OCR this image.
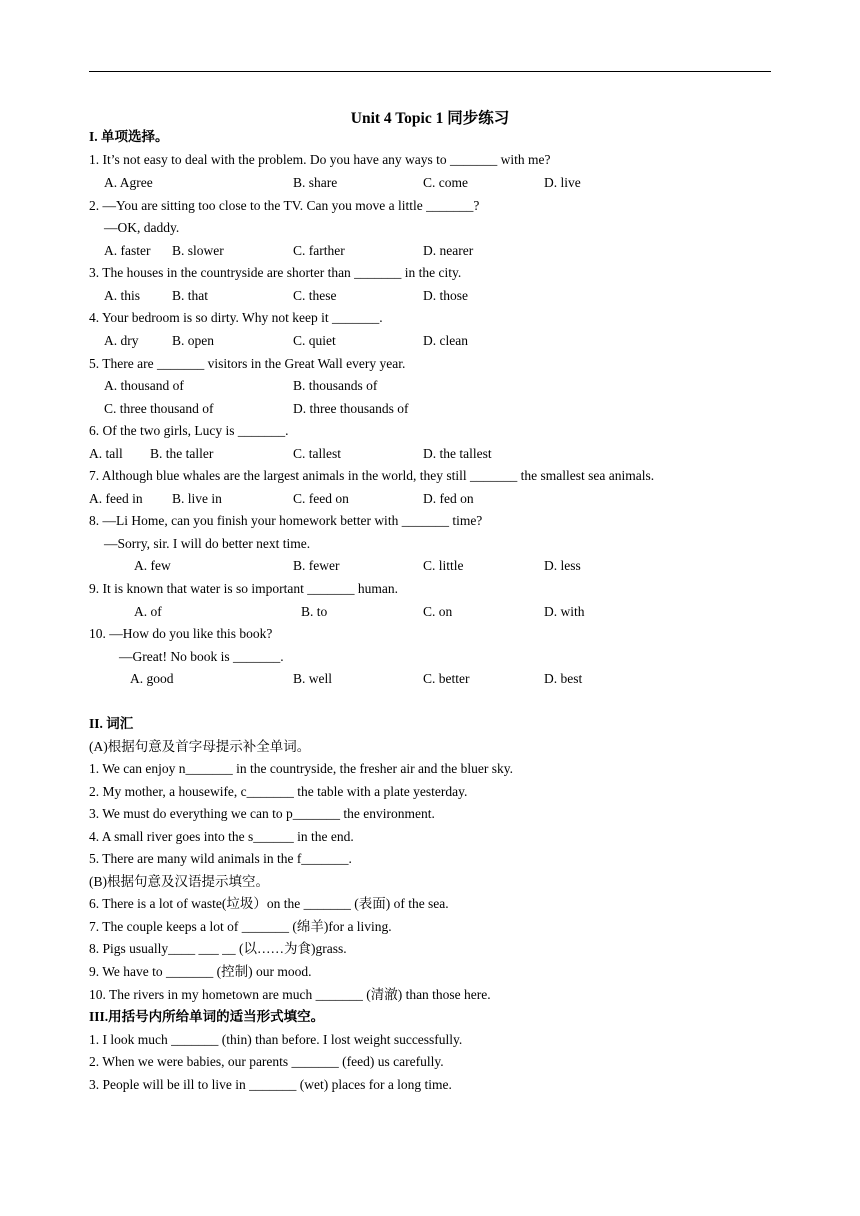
Unit 4 Topic 1 同步练习
I. 单项选择。
1. It’s not easy to deal with the problem. Do you have any ways to _______ with me?
A. Agree	B. share	C. come	D. live
2. —You are sitting too close to the TV. Can you move a little _______?
—OK, daddy.
A. faster B. slower	C. farther	D. nearer
3. The houses in the countryside are shorter than _______ in the city.
A. this B. that	C. these	D. those
4. Your bedroom is so dirty. Why not keep it _______.
A. dry B. open	C. quiet	D. clean
5. There are _______ visitors in the Great Wall every year.
A. thousand of	B. thousands of
C. three thousand of	D. three thousands of
6. Of the two girls, Lucy is _______.
A. tall B. the taller	C. tallest	D. the tallest
7. Although blue whales are the largest animals in the world, they still _______ the smallest sea animals.
A. feed in B. live in	C. feed on	D. fed on
8. —Li Home, can you finish your homework better with _______ time?
—Sorry, sir. I will do better next time.
A. few	B. fewer	C. little	D. less
9. It is known that water is so important _______ human.
A. of	B. to	C. on	D. with
10. —How do you like this book?
—Great! No book is _______.
A. good	B. well	C. better	D. best
II. 词汇
(A)根据句意及首字母提示补全单词。
1. We can enjoy n_______ in the countryside, the fresher air and the bluer sky.
2. My mother, a housewife, c_______ the table with a plate yesterday.
3. We must do everything we can to p_______ the environment.
4. A small river goes into the s______ in the end.
5. There are many wild animals in the f_______.
(B)根据句意及汉语提示填空。
6. There is a lot of waste(垃圾）on the _______ (表面) of the sea.
7. The couple keeps a lot of _______ (绵羊)for a living.
8. Pigs usually____ ___ __ (以……为食)grass.
9. We have to _______ (控制) our mood.
10. The rivers in my hometown are much _______ (清澈) than those here.
III.用括号内所给单词的适当形式填空。
1. I look much _______ (thin) than before. I lost weight successfully.
2. When we were babies, our parents _______ (feed) us carefully.
3. People will be ill to live in _______ (wet) places for a long time.
